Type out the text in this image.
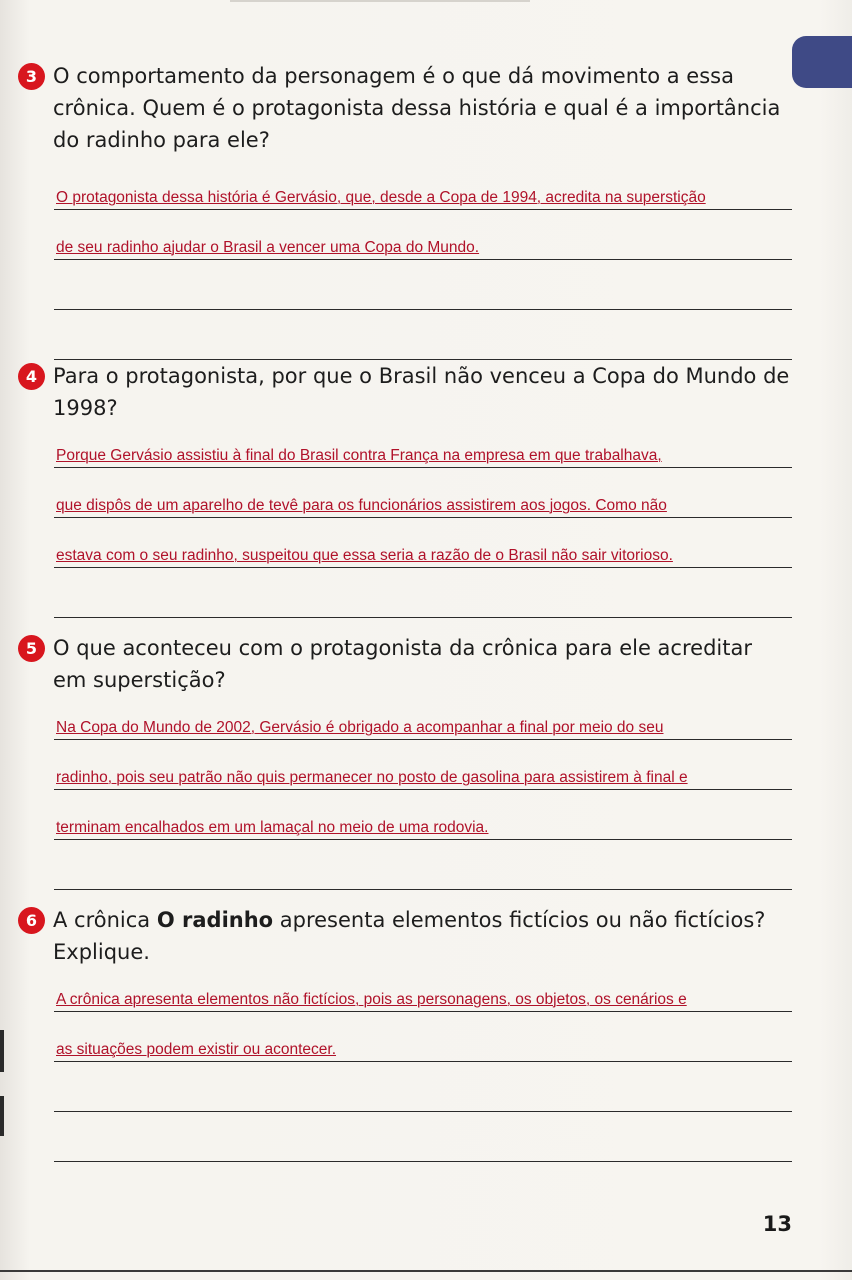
3 O comportamento da personagem é o que dá movimento a essa crônica. Quem é o protagonista dessa história e qual é a importância do radinho para ele?
O protagonista dessa história é Gervásio, que, desde a Copa de 1994, acredita na superstição
de seu radinho ajudar o Brasil a vencer uma Copa do Mundo.
4 Para o protagonista, por que o Brasil não venceu a Copa do Mundo de 1998?
Porque Gervásio assistiu à final do Brasil contra França na empresa em que trabalhava,
que dispôs de um aparelho de tevê para os funcionários assistirem aos jogos. Como não
estava com o seu radinho, suspeitou que essa seria a razão de o Brasil não sair vitorioso.
5 O que aconteceu com o protagonista da crônica para ele acreditar em superstição?
Na Copa do Mundo de 2002, Gervásio é obrigado a acompanhar a final por meio do seu
radinho, pois seu patrão não quis permanecer no posto de gasolina para assistirem à final e
terminam encalhados em um lamaçal no meio de uma rodovia.
6 A crônica O radinho apresenta elementos fictícios ou não fictícios? Explique.
A crônica apresenta elementos não fictícios, pois as personagens, os objetos, os cenários e
as situações podem existir ou acontecer.
13
